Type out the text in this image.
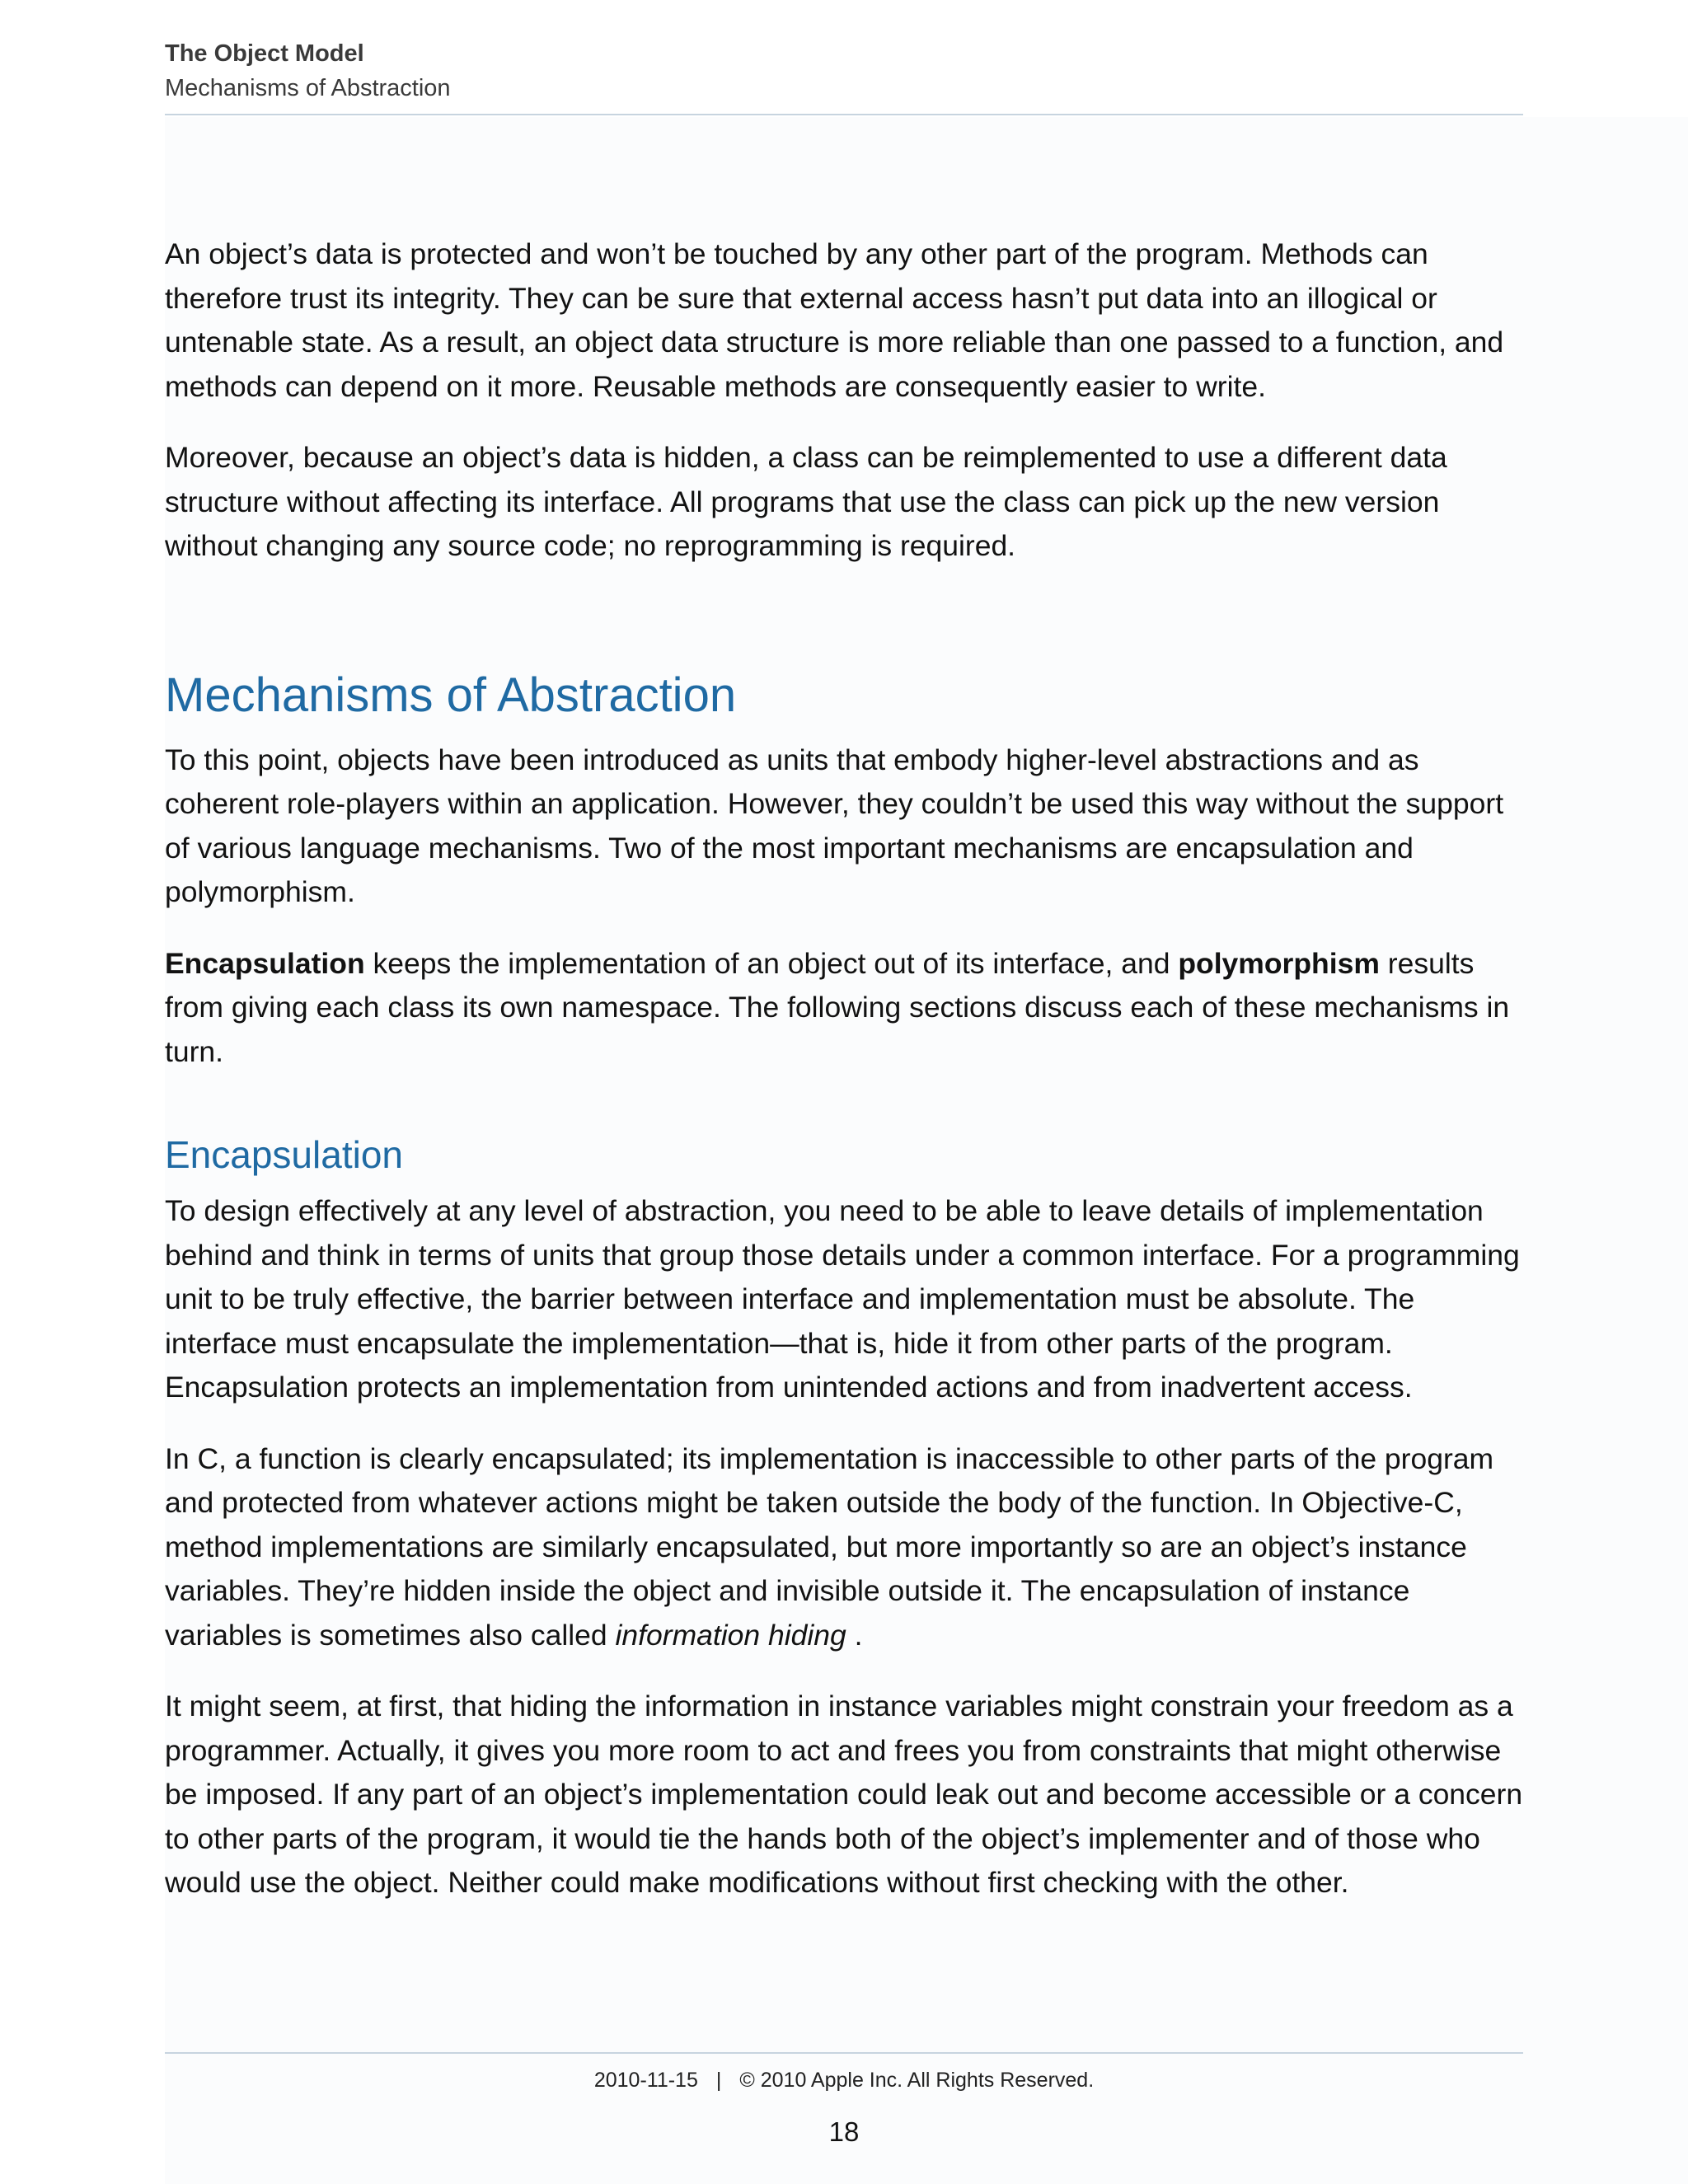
The Object Model
Mechanisms of Abstraction

An object’s data is protected and won’t be touched by any other part of the program. Methods can therefore trust its integrity. They can be sure that external access hasn’t put data into an illogical or untenable state. As a result, an object data structure is more reliable than one passed to a function, and methods can depend on it more. Reusable methods are consequently easier to write.

Moreover, because an object’s data is hidden, a class can be reimplemented to use a different data structure without affecting its interface. All programs that use the class can pick up the new version without changing any source code; no reprogramming is required.

Mechanisms of Abstraction

To this point, objects have been introduced as units that embody higher-level abstractions and as coherent role-players within an application. However, they couldn’t be used this way without the support of various language mechanisms. Two of the most important mechanisms are encapsulation and polymorphism.

Encapsulation keeps the implementation of an object out of its interface, and polymorphism results from giving each class its own namespace. The following sections discuss each of these mechanisms in turn.

Encapsulation

To design effectively at any level of abstraction, you need to be able to leave details of implementation behind and think in terms of units that group those details under a common interface. For a programming unit to be truly effective, the barrier between interface and implementation must be absolute. The interface must encapsulate the implementation—that is, hide it from other parts of the program. Encapsulation protects an implementation from unintended actions and from inadvertent access.

In C, a function is clearly encapsulated; its implementation is inaccessible to other parts of the program and protected from whatever actions might be taken outside the body of the function. In Objective-C, method implementations are similarly encapsulated, but more importantly so are an object’s instance variables. They’re hidden inside the object and invisible outside it. The encapsulation of instance variables is sometimes also called information hiding .

It might seem, at first, that hiding the information in instance variables might constrain your freedom as a programmer. Actually, it gives you more room to act and frees you from constraints that might otherwise be imposed. If any part of an object’s implementation could leak out and become accessible or a concern to other parts of the program, it would tie the hands both of the object’s implementer and of those who would use the object. Neither could make modifications without first checking with the other.

2010-11-15 | © 2010 Apple Inc. All Rights Reserved.
18
